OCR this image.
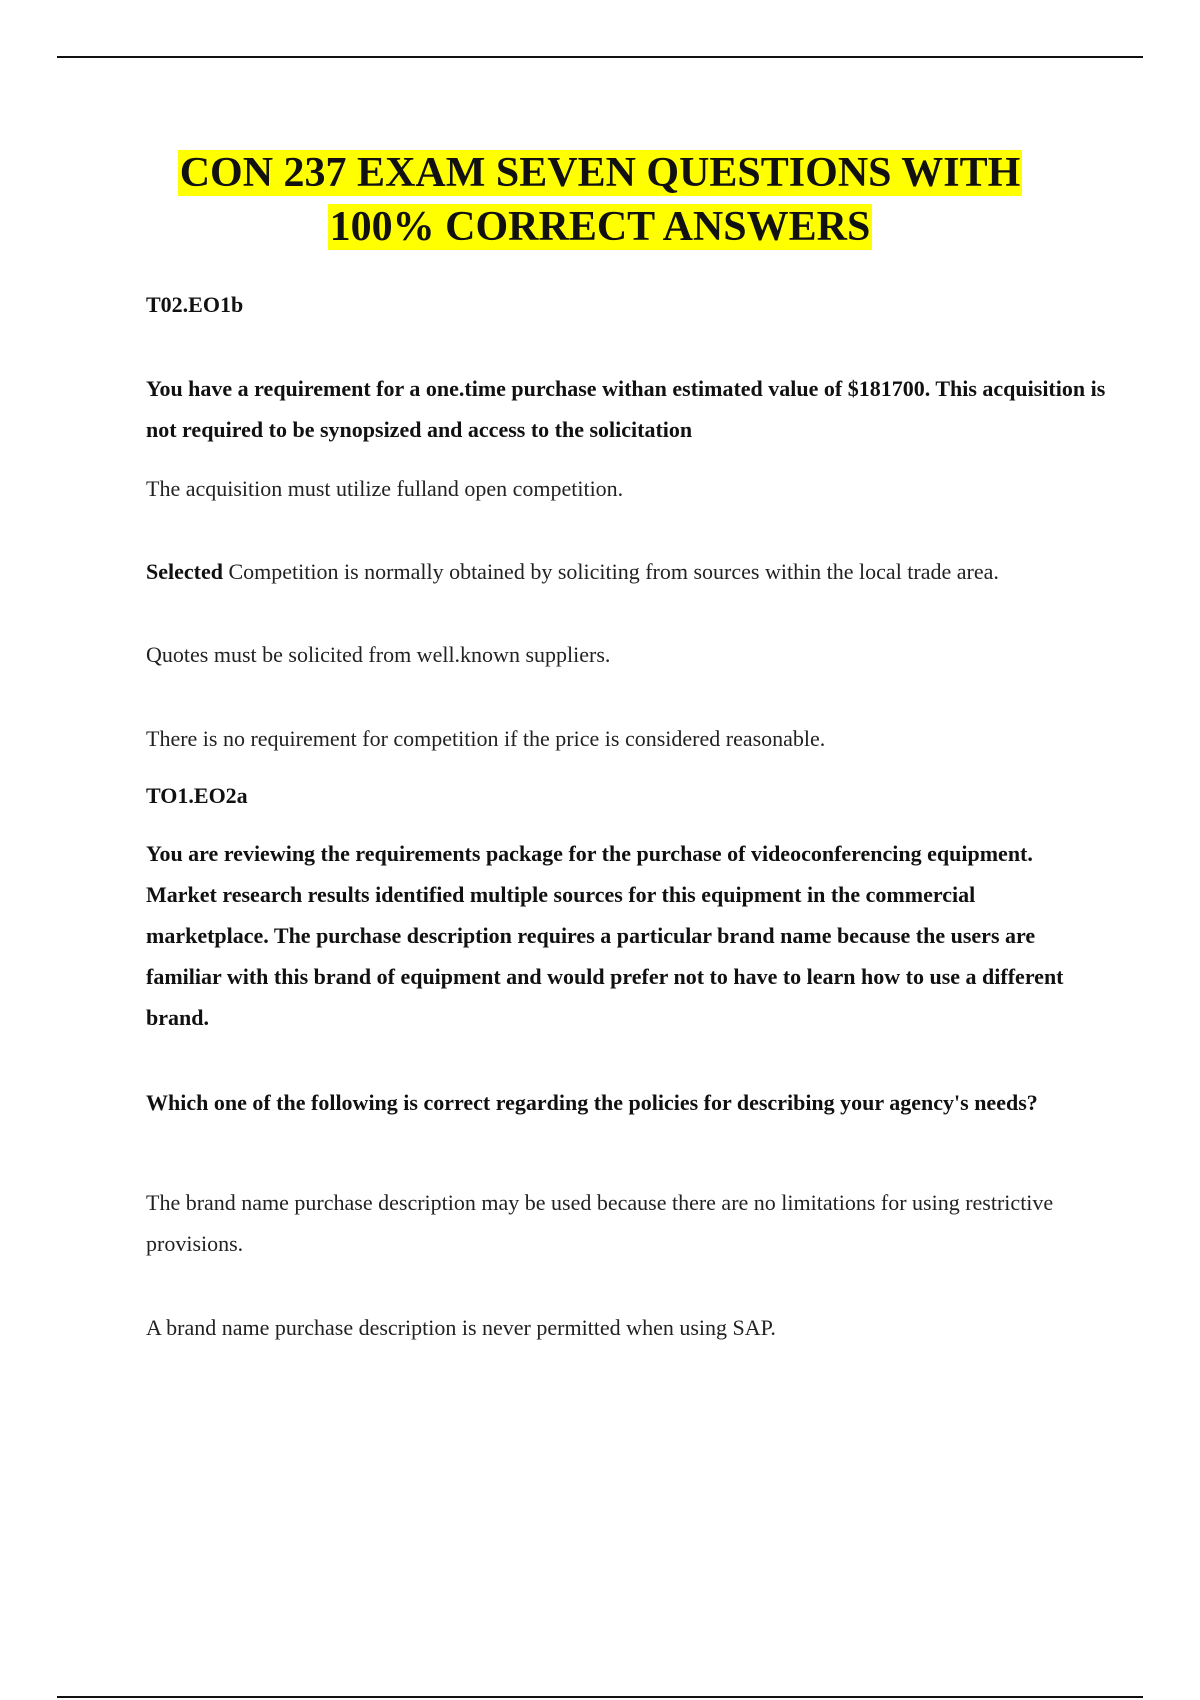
CON 237 EXAM SEVEN QUESTIONS WITH
100% CORRECT ANSWERS

T02.EO1b

You have a requirement for a one.time purchase withan estimated value of $181700. This acquisition is not required to be synopsized and access to the solicitation

The acquisition must utilize fulland open competition.

Selected Competition is normally obtained by soliciting from sources within the local trade area.

Quotes must be solicited from well.known suppliers.

There is no requirement for competition if the price is considered reasonable.

TO1.EO2a

You are reviewing the requirements package for the purchase of videoconferencing equipment. Market research results identified multiple sources for this equipment in the commercial marketplace. The purchase description requires a particular brand name because the users are familiar with this brand of equipment and would prefer not to have to learn how to use a different brand.

Which one of the following is correct regarding the policies for describing your agency's needs?

The brand name purchase description may be used because there are no limitations for using restrictive provisions.

A brand name purchase description is never permitted when using SAP.
